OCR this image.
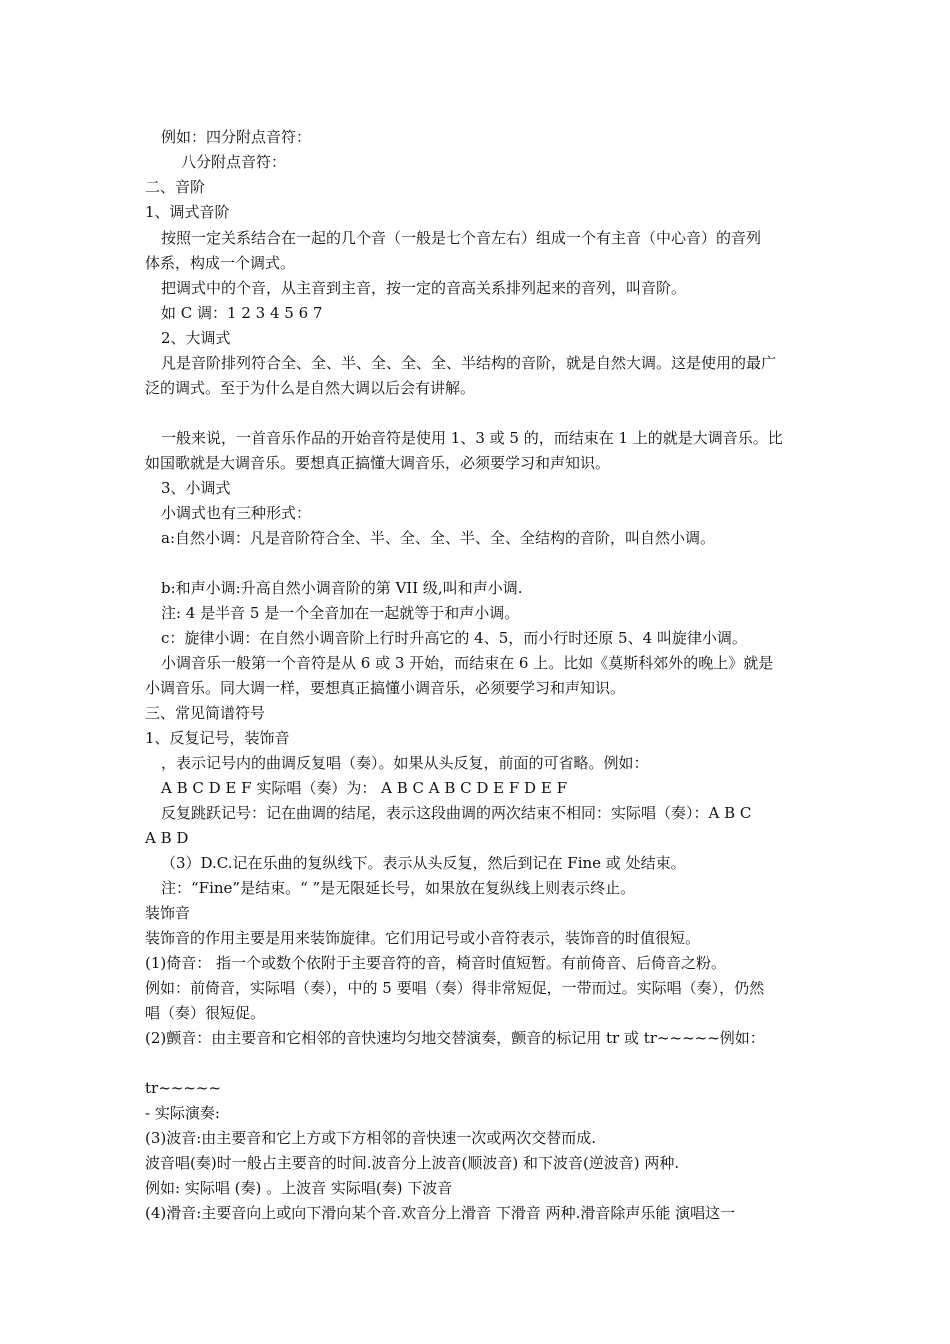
例如：四分附点音符：
八分附点音符：
二、音阶
1、调式音阶
按照一定关系结合在一起的几个音（一般是七个音左右）组成一个有主音（中心音）的音列
体系，构成一个调式。
把调式中的个音，从主音到主音，按一定的音高关系排列起来的音列，叫音阶。
如 C 调：1 2 3 4 5 6 7
2、大调式
凡是音阶排列符合全、全、半、全、全、全、半结构的音阶，就是自然大调。这是使用的最广
泛的调式。至于为什么是自然大调以后会有讲解。
一般来说，一首音乐作品的开始音符是使用 1、3 或 5 的，而结束在 1 上的就是大调音乐。比
如国歌就是大调音乐。要想真正搞懂大调音乐，必须要学习和声知识。
3、小调式
小调式也有三种形式：
a:自然小调：凡是音阶符合全、半、全、全、半、全、全结构的音阶，叫自然小调。
b:和声小调:升高自然小调音阶的第 VII 级,叫和声小调.
注: 4 是半音 5 是一个全音加在一起就等于和声小调。
c：旋律小调：在自然小调音阶上行时升高它的 4、5，而小行时还原 5、4 叫旋律小调。
小调音乐一般第一个音符是从 6 或 3 开始，而结束在 6 上。比如《莫斯科郊外的晚上》就是
小调音乐。同大调一样，要想真正搞懂小调音乐，必须要学习和声知识。
三、常见简谱符号
1、反复记号，装饰音
，表示记号内的曲调反复唱（奏）。如果从头反复，前面的可省略。例如：
A B C D E F 实际唱（奏）为： A B C A B C D E F D E F
反复跳跃记号：记在曲调的结尾，表示这段曲调的两次结束不相同：实际唱（奏）：A B C
A B D
（3）D.C.记在乐曲的复纵线下。表示从头反复，然后到记在 Fine 或 处结束。
注：“Fine”是结束。“ ”是无限延长号，如果放在复纵线上则表示终止。
装饰音
装饰音的作用主要是用来装饰旋律。它们用记号或小音符表示，装饰音的时值很短。
(1)倚音： 指一个或数个依附于主要音符的音，椅音时值短暂。有前倚音、后倚音之粉。
例如：前倚音，实际唱（奏），中的 5 要唱（奏）得非常短促，一带而过。实际唱（奏），仍然
唱（奏）很短促。
(2)颤音：由主要音和它相邻的音快速均匀地交替演奏，颤音的标记用 tr 或 tr~~~~~例如：
tr~~~~~
- 实际演奏:
(3)波音:由主要音和它上方或下方相邻的音快速一次或两次交替而成.
波音唱(奏)时一般占主要音的时间.波音分上波音(顺波音) 和下波音(逆波音) 两种.
例如: 实际唱 (奏) 。上波音 实际唱(奏) 下波音
(4)滑音:主要音向上或向下滑向某个音.欢音分上滑音 下滑音 两种.滑音除声乐能 演唱这一
